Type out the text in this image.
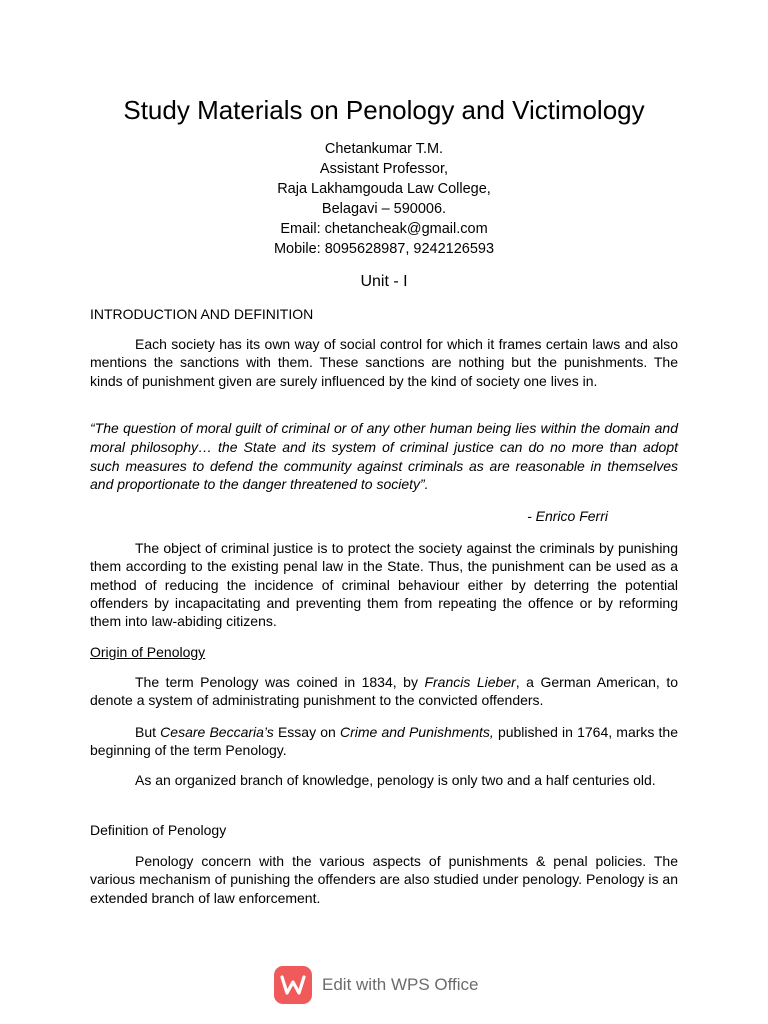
Study Materials on Penology and Victimology
Chetankumar T.M.
Assistant Professor,
Raja Lakhamgouda Law College,
Belagavi – 590006.
Email: chetancheak@gmail.com
Mobile: 8095628987, 9242126593
Unit - I
INTRODUCTION AND DEFINITION

Each society has its own way of social control for which it frames certain laws and also mentions the sanctions with them. These sanctions are nothing but the punishments. The kinds of punishment given are surely influenced by the kind of society one lives in.

“The question of moral guilt of criminal or of any other human being lies within the domain and moral philosophy… the State and its system of criminal justice can do no more than adopt such measures to defend the community against criminals as are reasonable in themselves and proportionate to the danger threatened to society”.
- Enrico Ferri

The object of criminal justice is to protect the society against the criminals by punishing them according to the existing penal law in the State. Thus, the punishment can be used as a method of reducing the incidence of criminal behaviour either by deterring the potential offenders by incapacitating and preventing them from repeating the offence or by reforming them into law-abiding citizens.

Origin of Penology

The term Penology was coined in 1834, by Francis Lieber, a German American, to denote a system of administrating punishment to the convicted offenders.

But Cesare Beccaria’s Essay on Crime and Punishments, published in 1764, marks the beginning of the term Penology.

As an organized branch of knowledge, penology is only two and a half centuries old.

Definition of Penology

Penology concern with the various aspects of punishments & penal policies. The various mechanism of punishing the offenders are also studied under penology. Penology is an extended branch of law enforcement.

Edit with WPS Office
